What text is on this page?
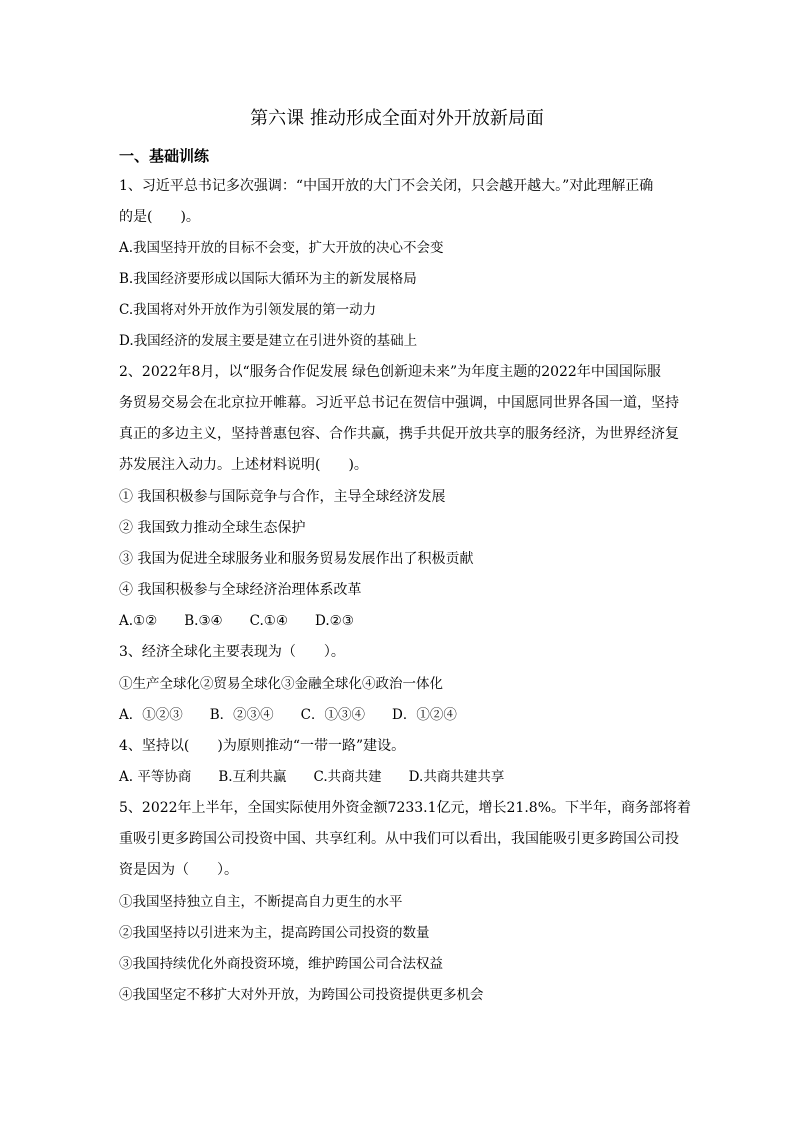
第六课 推动形成全面对外开放新局面
一、基础训练
1、习近平总书记多次强调：“中国开放的大门不会关闭，只会越开越大。”对此理解正确
的是(　　)。
A.我国坚持开放的目标不会变，扩大开放的决心不会变
B.我国经济要形成以国际大循环为主的新发展格局
C.我国将对外开放作为引领发展的第一动力
D.我国经济的发展主要是建立在引进外资的基础上
2、2022年8月，以“服务合作促发展 绿色创新迎未来”为年度主题的2022年中国国际服
务贸易交易会在北京拉开帷幕。习近平总书记在贺信中强调，中国愿同世界各国一道，坚持
真正的多边主义，坚持普惠包容、合作共赢，携手共促开放共享的服务经济，为世界经济复
苏发展注入动力。上述材料说明(　　)。
① 我国积极参与国际竞争与合作，主导全球经济发展
② 我国致力推动全球生态保护
③ 我国为促进全球服务业和服务贸易发展作出了积极贡献
④ 我国积极参与全球经济治理体系改革
A.①②　　B.③④　　C.①④　　D.②③
3、经济全球化主要表现为（　　）。
①生产全球化②贸易全球化③金融全球化④政治一体化
A．①②③　　B．②③④　　C．①③④　　D．①②④
4、坚持以(　　)为原则推动“一带一路”建设。
A. 平等协商　　B.互利共赢　　C.共商共建　　D.共商共建共享
5、2022年上半年，全国实际使用外资金额7233.1亿元，增长21.8%。下半年，商务部将着
重吸引更多跨国公司投资中国、共享红利。从中我们可以看出，我国能吸引更多跨国公司投
资是因为（　　）。
①我国坚持独立自主，不断提高自力更生的水平
②我国坚持以引进来为主，提高跨国公司投资的数量
③我国持续优化外商投资环境，维护跨国公司合法权益
④我国坚定不移扩大对外开放，为跨国公司投资提供更多机会
